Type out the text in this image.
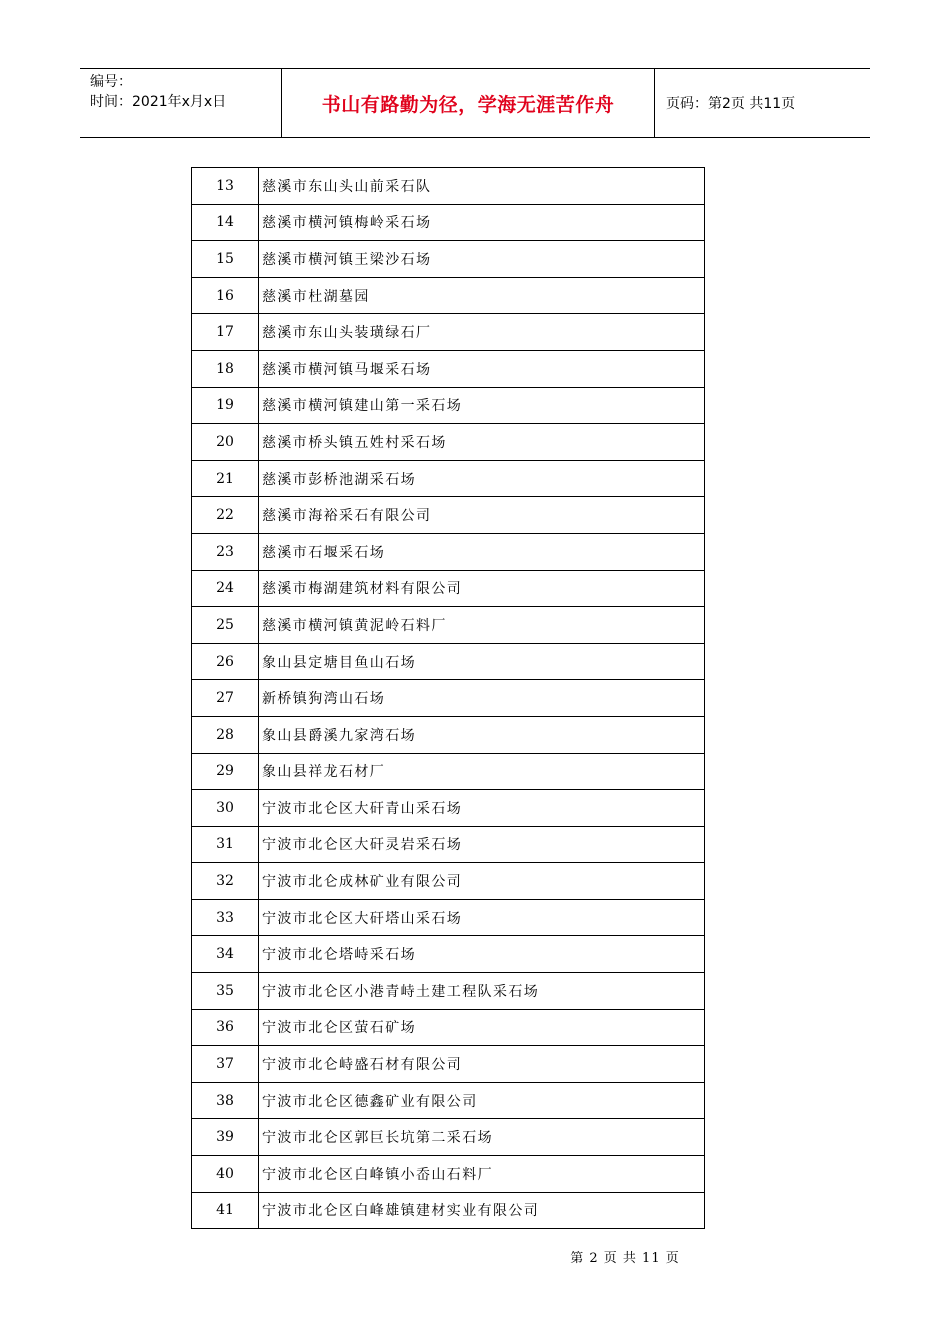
编号：
时间：2021年x月x日	书山有路勤为径，学海无涯苦作舟	页码：第2页 共11页
13	慈溪市东山头山前采石队
14	慈溪市横河镇梅岭采石场
15	慈溪市横河镇王梁沙石场
16	慈溪市杜湖墓园
17	慈溪市东山头装璜绿石厂
18	慈溪市横河镇马堰采石场
19	慈溪市横河镇建山第一采石场
20	慈溪市桥头镇五姓村采石场
21	慈溪市彭桥池湖采石场
22	慈溪市海裕采石有限公司
23	慈溪市石堰采石场
24	慈溪市梅湖建筑材料有限公司
25	慈溪市横河镇黄泥岭石料厂
26	象山县定塘目鱼山石场
27	新桥镇狗湾山石场
28	象山县爵溪九家湾石场
29	象山县祥龙石材厂
30	宁波市北仑区大矸青山采石场
31	宁波市北仑区大矸灵岩采石场
32	宁波市北仑成林矿业有限公司
33	宁波市北仑区大矸塔山采石场
34	宁波市北仑塔峙采石场
35	宁波市北仑区小港青峙土建工程队采石场
36	宁波市北仑区萤石矿场
37	宁波市北仑峙盛石材有限公司
38	宁波市北仑区德鑫矿业有限公司
39	宁波市北仑区郭巨长坑第二采石场
40	宁波市北仑区白峰镇小岙山石料厂
41	宁波市北仑区白峰雄镇建材实业有限公司
第 2 页 共 11 页
